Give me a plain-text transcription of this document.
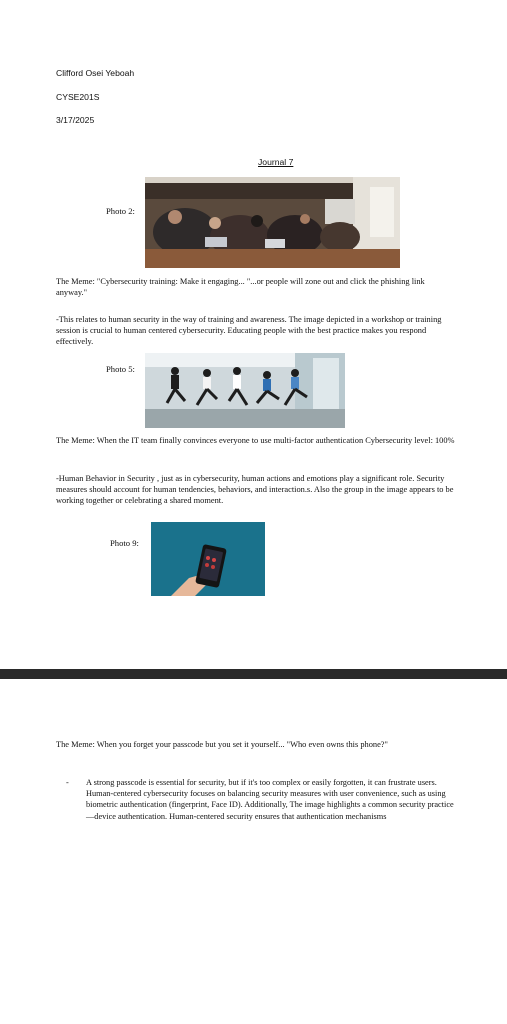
Clifford Osei Yeboah
CYSE201S
3/17/2025
Journal 7
Photo 2:
The Meme: "Cybersecurity training: Make it engaging... "...or people will zone out and click the phishing link anyway."
-This relates to human security in the way of training and awareness. The image depicted in a workshop or training session is crucial to human centered cybersecurity. Educating people with the best practice makes you respond effectively.
Photo 5:
The Meme: When the IT team finally convinces everyone to use multi-factor authentication Cybersecurity level: 100%
-Human Behavior in Security , just as in cybersecurity, human actions and emotions play a significant role. Security measures should account for human tendencies, behaviors, and interaction.s. Also the group in the image appears to be working together or celebrating a shared moment.
Photo 9:
The Meme: When you forget your passcode but you set it yourself... "Who even owns this phone?"
- A strong passcode is essential for security, but if it's too complex or easily forgotten, it can frustrate users. Human-centered cybersecurity focuses on balancing security measures with user convenience, such as using biometric authentication (fingerprint, Face ID). Additionally, The image highlights a common security practice—device authentication. Human-centered security ensures that authentication mechanisms
